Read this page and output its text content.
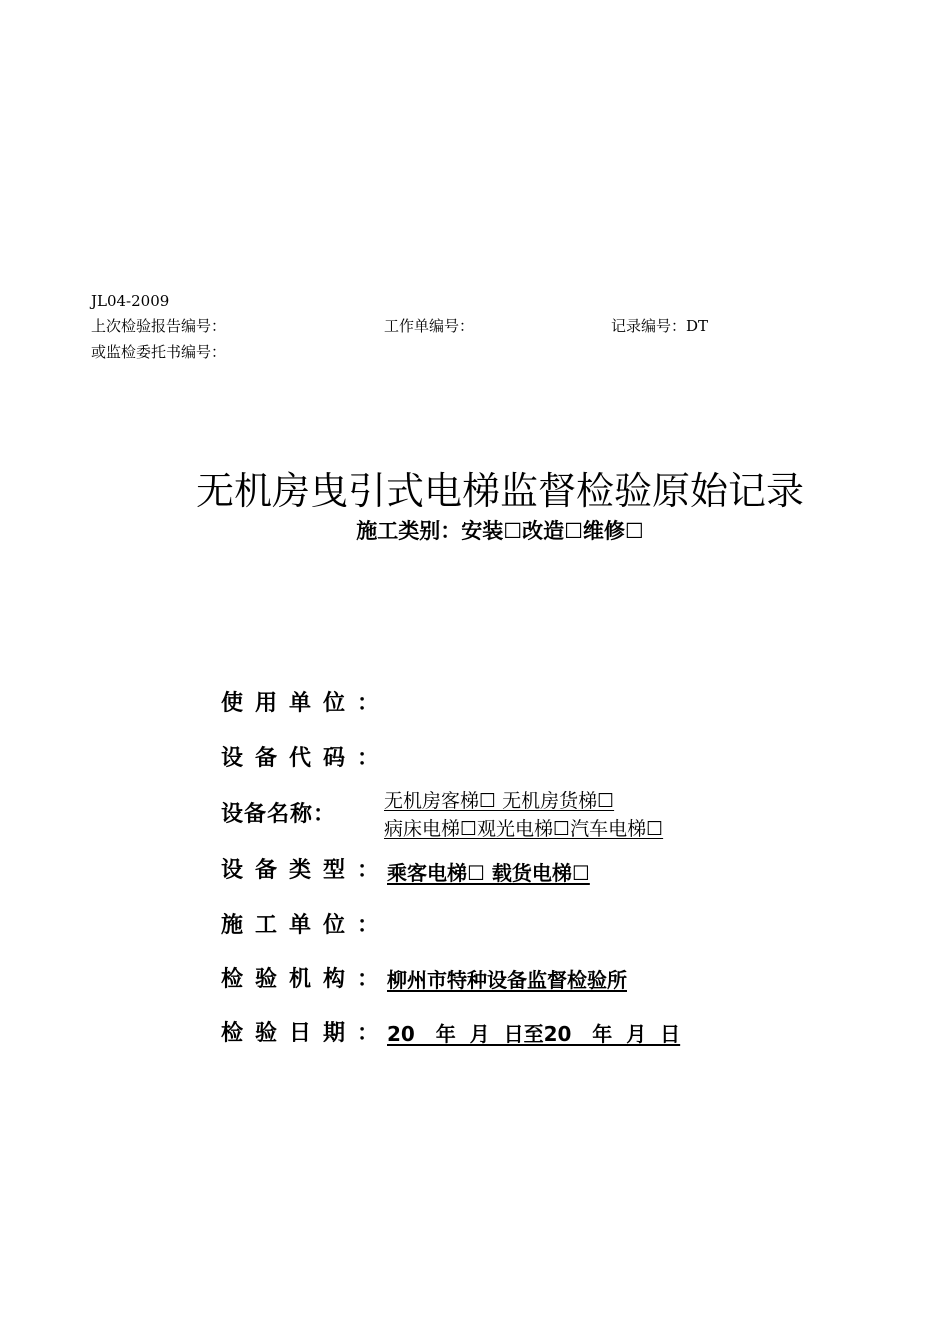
JL04-2009
上次检验报告编号：	工作单编号：	记录编号：DT
或监检委托书编号：
无机房曳引式电梯监督检验原始记录
施工类别：安装☐改造☐维修☐
使用单位：
设备代码：
设备名称：
无机房客梯☐ 无机房货梯☐
病床电梯☐观光电梯☐汽车电梯☐
设备类型：
乘客电梯☐ 载货电梯☐
施工单位：
检验机构：
柳州市特种设备监督检验所
检验日期：
20   年  月  日至20   年  月  日
